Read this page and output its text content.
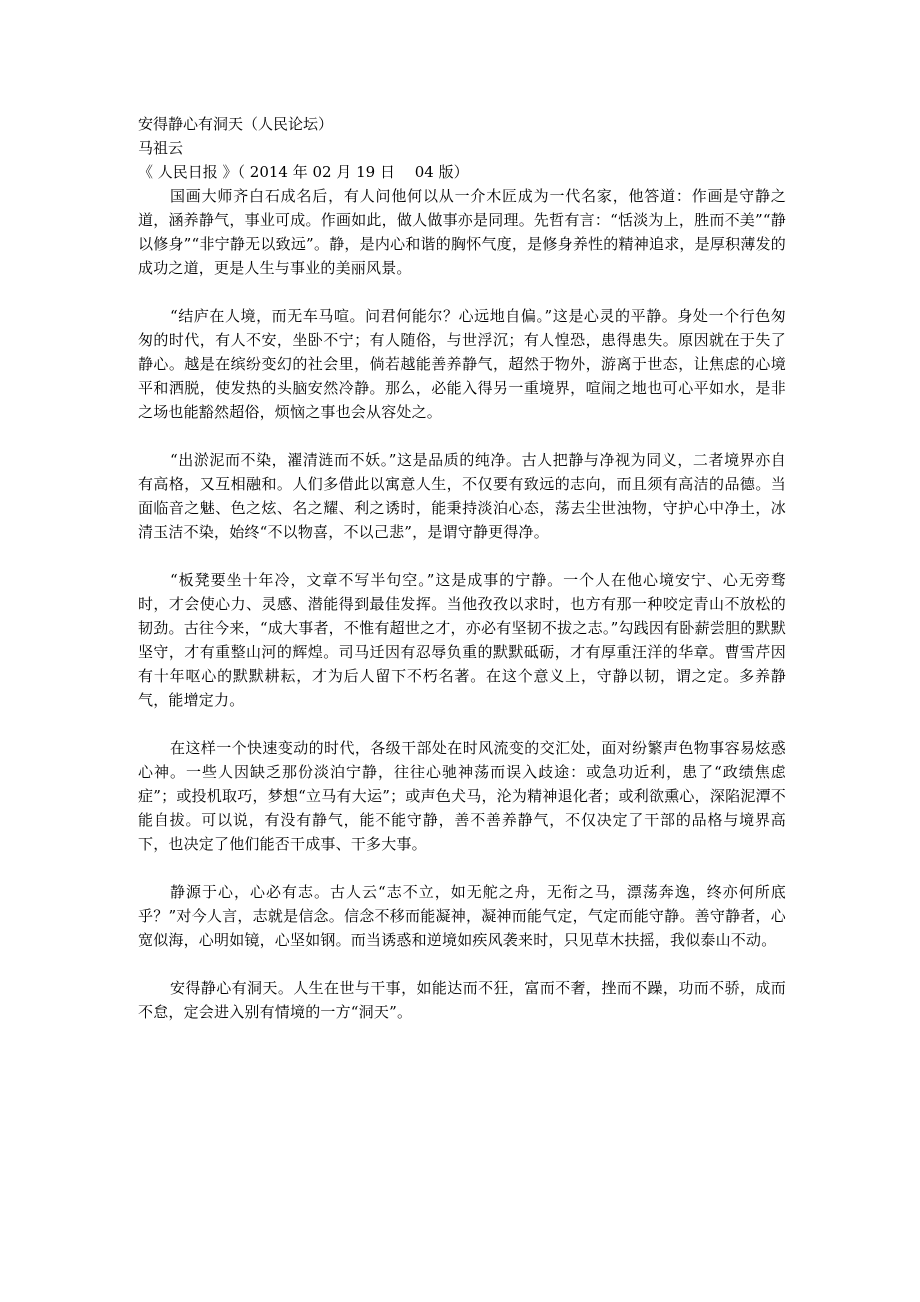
安得静心有洞天（人民论坛）
马祖云
《 人民日报 》（ 2014 年 02 月 19 日　 04 版）

国画大师齐白石成名后，有人问他何以从一介木匠成为一代名家，他答道：作画是守静之道，涵养静气，事业可成。作画如此，做人做事亦是同理。先哲有言：“恬淡为上，胜而不美”“静以修身”“非宁静无以致远”。静，是内心和谐的胸怀气度，是修身养性的精神追求，是厚积薄发的成功之道，更是人生与事业的美丽风景。

“结庐在人境，而无车马喧。问君何能尔？心远地自偏。”这是心灵的平静。身处一个行色匆匆的时代，有人不安，坐卧不宁；有人随俗，与世浮沉；有人惶恐，患得患失。原因就在于失了静心。越是在缤纷变幻的社会里，倘若越能善养静气，超然于物外，游离于世态，让焦虑的心境平和洒脱，使发热的头脑安然冷静。那么，必能入得另一重境界，喧闹之地也可心平如水，是非之场也能豁然超俗，烦恼之事也会从容处之。

“出淤泥而不染，濯清涟而不妖。”这是品质的纯净。古人把静与净视为同义，二者境界亦自有高格，又互相融和。人们多借此以寓意人生，不仅要有致远的志向，而且须有高洁的品德。当面临音之魅、色之炫、名之耀、利之诱时，能秉持淡泊心态，荡去尘世浊物，守护心中净土，冰清玉洁不染，始终“不以物喜，不以己悲”，是谓守静更得净。

“板凳要坐十年冷，文章不写半句空。”这是成事的宁静。一个人在他心境安宁、心无旁骛时，才会使心力、灵感、潜能得到最佳发挥。当他孜孜以求时，也方有那一种咬定青山不放松的韧劲。古往今来，“成大事者，不惟有超世之才，亦必有坚韧不拔之志。”勾践因有卧薪尝胆的默默坚守，才有重整山河的辉煌。司马迁因有忍辱负重的默默砥砺，才有厚重汪洋的华章。曹雪芹因有十年呕心的默默耕耘，才为后人留下不朽名著。在这个意义上，守静以韧，谓之定。多养静气，能增定力。

在这样一个快速变动的时代，各级干部处在时风流变的交汇处，面对纷繁声色物事容易炫惑心神。一些人因缺乏那份淡泊宁静，往往心驰神荡而误入歧途：或急功近利，患了“政绩焦虑症”；或投机取巧，梦想“立马有大运”；或声色犬马，沦为精神退化者；或利欲熏心，深陷泥潭不能自拔。可以说，有没有静气，能不能守静，善不善养静气，不仅决定了干部的品格与境界高下，也决定了他们能否干成事、干多大事。

静源于心，心必有志。古人云“志不立，如无舵之舟，无衔之马，漂荡奔逸，终亦何所底乎？”对今人言，志就是信念。信念不移而能凝神，凝神而能气定，气定而能守静。善守静者，心宽似海，心明如镜，心坚如钢。而当诱惑和逆境如疾风袭来时，只见草木扶摇，我似泰山不动。

安得静心有洞天。人生在世与干事，如能达而不狂，富而不奢，挫而不躁，功而不骄，成而不怠，定会进入别有情境的一方“洞天”。
